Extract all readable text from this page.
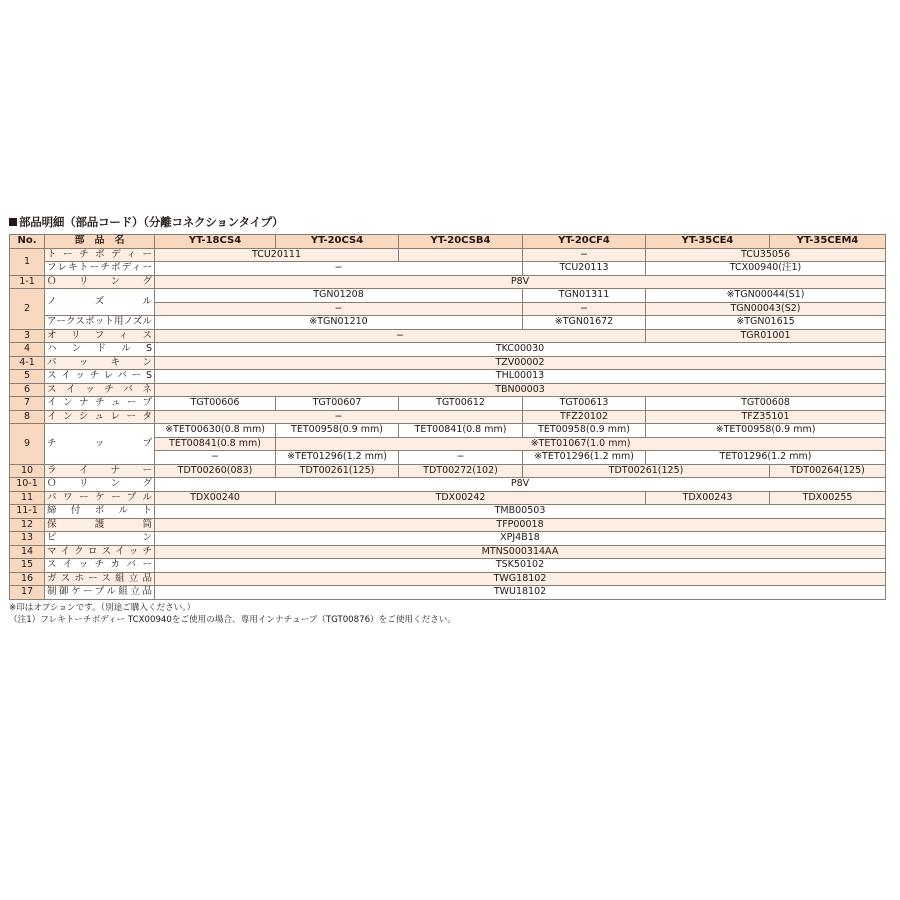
部品明細（部品コード）（分離コネクションタイプ）
No.	部　品　名	YT-18CS4	YT-20CS4	YT-20CSB4	YT-20CF4	YT-35CE4	YT-35CEM4
1	トーチボディー	TCU20111			−	TCU35056	
	フレキトーチボディー	−			TCU20113	TCX00940(注1)	
1-1	Ｏ　リ　ン　グ	P8V					
2	ノ　ズ　ル	TGN01208			TGN01311	※TGN00044(S1)	
		−			−	TGN00043(S2)	
	アークスポット用ノズル	※TGN01210			※TGN01672	※TGN01615	
3	オ　リ　フ　ィ　ス	−				TGR01001	
4	ハ　ン　ド　ル　S	TKC00030					
4-1	パ　ッ　キ　ン	TZV00002					
5	スイッチレバーS	THL00013					
6	ス　イ　ッ　チ　バ　ネ	TBN00003					
7	インナチューブ	TGT00606	TGT00607	TGT00612	TGT00613	TGT00608	
8	インシュレータ	−			TFZ20102	TFZ35101	
9	チ　ッ　プ	※TET00630(0.8 mm)	TET00958(0.9 mm)	TET00841(0.8 mm)	TET00958(0.9 mm)	※TET00958(0.9 mm)	
		TET00841(0.8 mm)	※TET01067(1.0 mm)				
		−	※TET01296(1.2 mm)	−	※TET01296(1.2 mm)	TET01296(1.2 mm)	
10	ラ　イ　ナ　ー	TDT00260(083)	TDT00261(125)	TDT00272(102)	TDT00261(125)		TDT00264(125)
10-1	Ｏ　リ　ン　グ	P8V					
11	パワーケーブル	TDX00240	TDX00242			TDX00243	TDX00255
11-1	締　付　ボ　ル　ト	TMB00503					
12	保　　護　　筒	TFP00018					
13	ピ　　　　ン	XPJ4B18					
14	マイクロスイッチ	MTNS000314AA					
15	スイッチカバー	TSK50102					
16	ガスホース組立品	TWG18102					
17	制御ケーブル組立品	TWU18102					
※印はオプションです。（別途ご購入ください。）
（注1）フレキトーチボディー TCX00940をご使用の場合、専用インナチューブ（TGT00876）をご使用ください。
